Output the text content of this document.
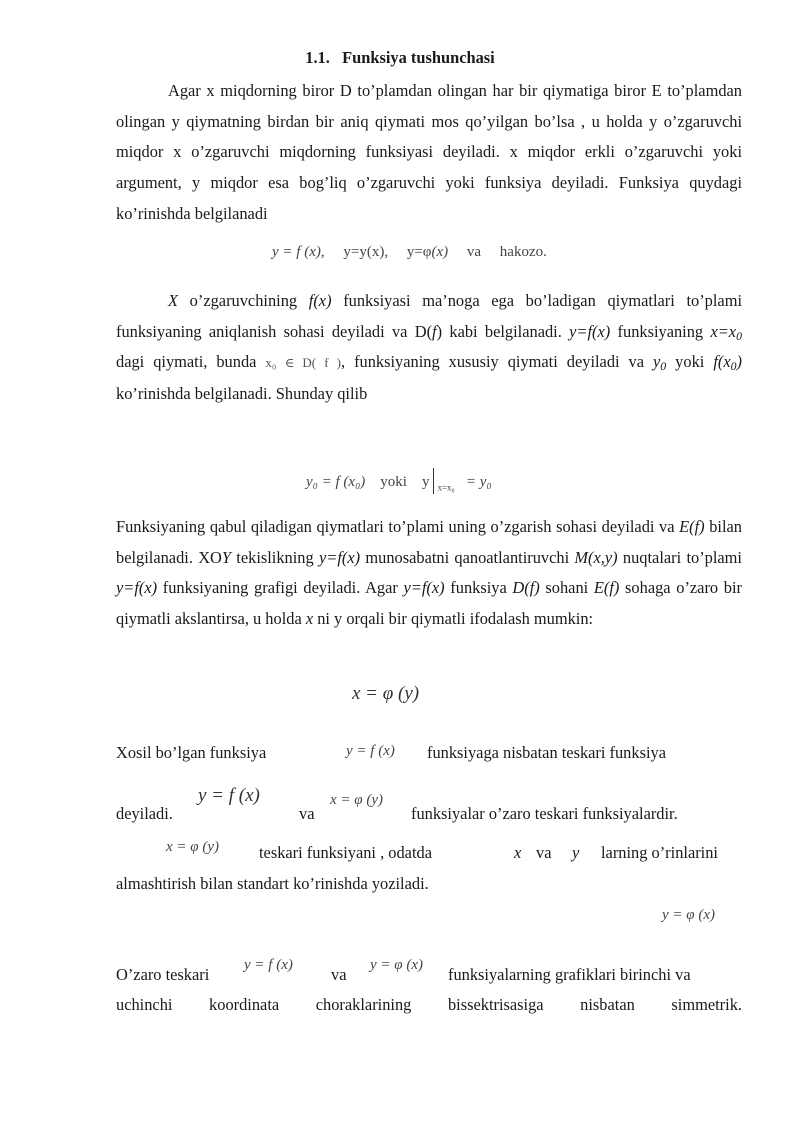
1.1. Funksiya tushunchasi

Agar x miqdorning biror D to’plamdan olingan har bir qiymatiga biror E to’plamdan olingan y qiymatning birdan bir aniq qiymati mos qo’yilgan bo’lsa , u holda y o’zgaruvchi miqdor x o’zgaruvchi miqdorning funksiyasi deyiladi. x miqdor erkli o’zgaruvchi yoki argument, y miqdor esa bog’liq o’zgaruvchi yoki funksiya deyiladi. Funksiya quydagi ko’rinishda belgilanadi

y = f (x), y=y(x), y=φ(x) va hakozo.

X o’zgaruvchining f(x) funksiyasi ma’noga ega bo’ladigan qiymatlari to’plami funksiyaning aniqlanish sohasi deyiladi va D(f) kabi belgilanadi. y=f(x) funksiyaning $x=x_0$ dagi qiymati, bunda x₀ ∈ D( f ), funksiyaning xususiy qiymati deyiladi va $y_0$ yoki $f(x_0)$ ko’rinishda belgilanadi. Shunday qilib

y₀ = f (x₀) yoki y $_{x=x_0}$ = y₀

Funksiyaning qabul qiladigan qiymatlari to’plami uning o’zgarish sohasi deyiladi va E(f) bilan belgilanadi. XOY tekislikning y=f(x) munosabatni qanoatlantiruvchi M(x,y) nuqtalari to’plami y=f(x) funksiyaning grafigi deyiladi. Agar y=f(x) funksiya D(f) sohani E(f) sohaga o’zaro bir qiymatli akslantirsa, u holda x ni y orqali bir qiymatli ifodalash mumkin:

x = φ (y)
Xosil bo’lgan funksiya	y = f (x) funksiyaga nisbatan teskari funksiya
deyiladi.
y = f (x)
va
x = φ (y)
funksiyalar o’zaro teskari funksiyalardir.
x = φ (y) teskari funksiyani , odatda	x va y larning o’rinlarini
almashtirish bilan standart ko’rinishda yoziladi.
y = φ (x)
O’zaro teskari y = f (x) va y = φ (x) funksiyalarning grafiklari birinchi va

uchinchi koordinata choraklarining bissektrisasiga nisbatan simmetrik.
